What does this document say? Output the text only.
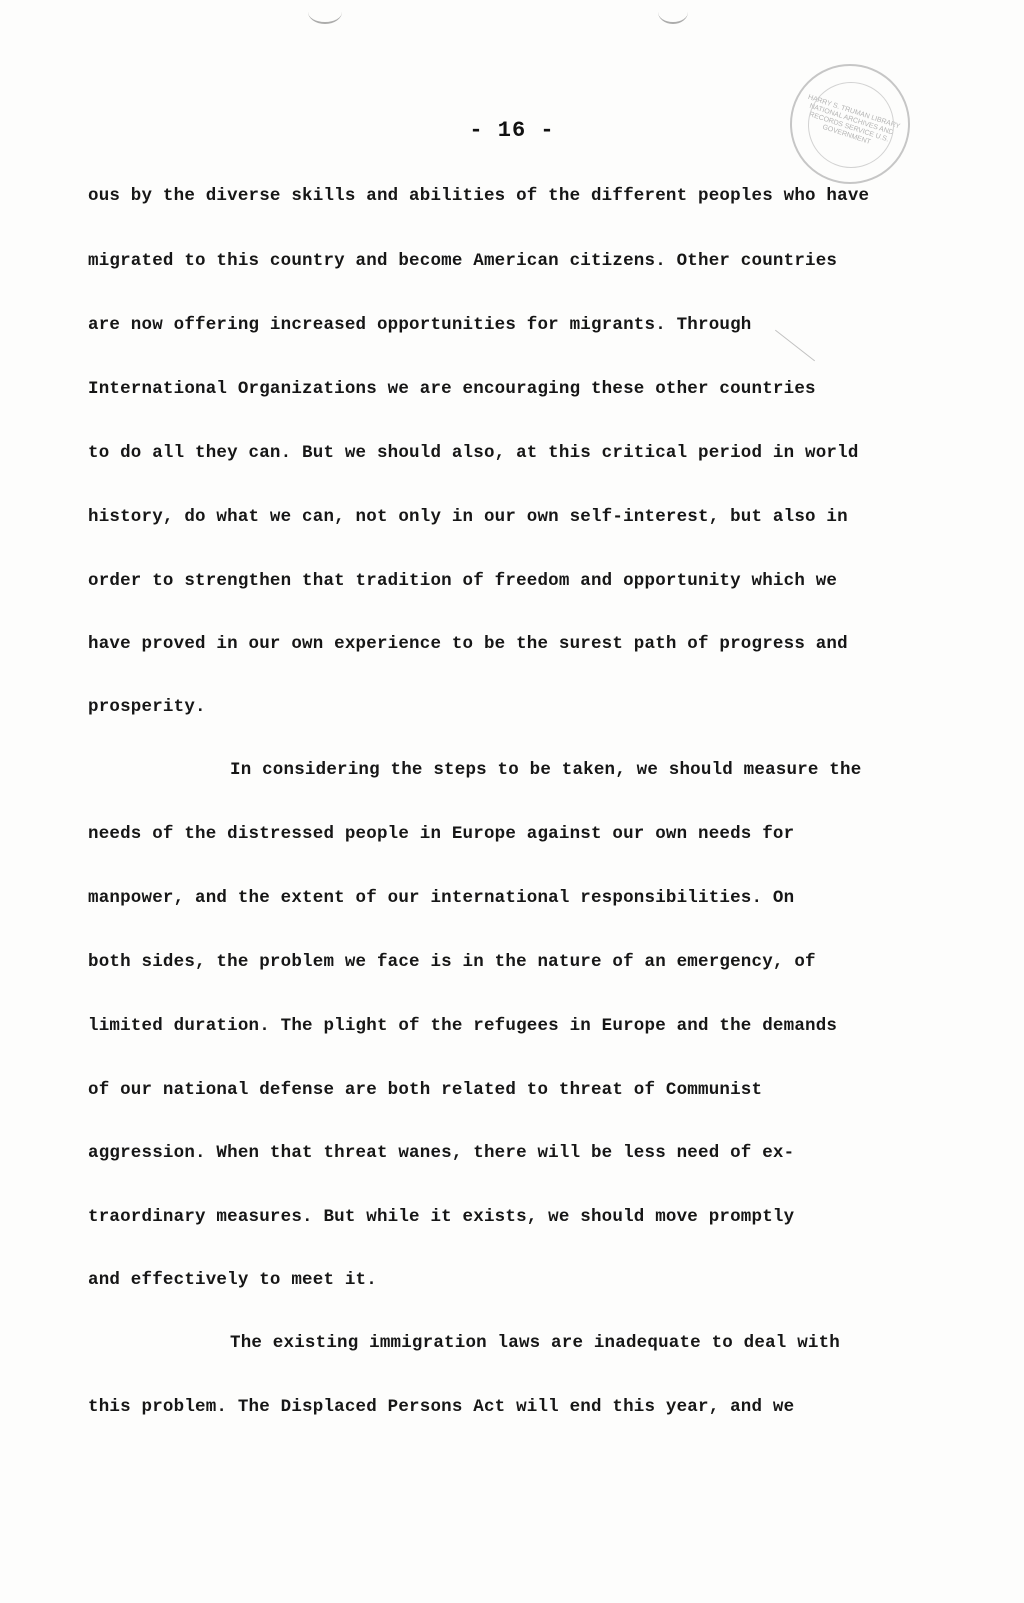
HARRY S. TRUMAN LIBRARY NATIONAL ARCHIVES AND RECORDS SERVICE U.S. GOVERNMENT
- 16 -
ous by the diverse skills and abilities of the different peoples who have
migrated to this country and become American citizens. Other countries
are now offering increased opportunities for migrants. Through
International Organizations we are encouraging these other countries
to do all they can. But we should also, at this critical period in world
history, do what we can, not only in our own self-interest, but also in
order to strengthen that tradition of freedom and opportunity which we
have proved in our own experience to be the surest path of progress and
prosperity.
In considering the steps to be taken, we should measure the
needs of the distressed people in Europe against our own needs for
manpower, and the extent of our international responsibilities. On
both sides, the problem we face is in the nature of an emergency, of
limited duration. The plight of the refugees in Europe and the demands
of our national defense are both related to threat of Communist
aggression. When that threat wanes, there will be less need of ex-
traordinary measures. But while it exists, we should move promptly
and effectively to meet it.
The existing immigration laws are inadequate to deal with
this problem. The Displaced Persons Act will end this year, and we
